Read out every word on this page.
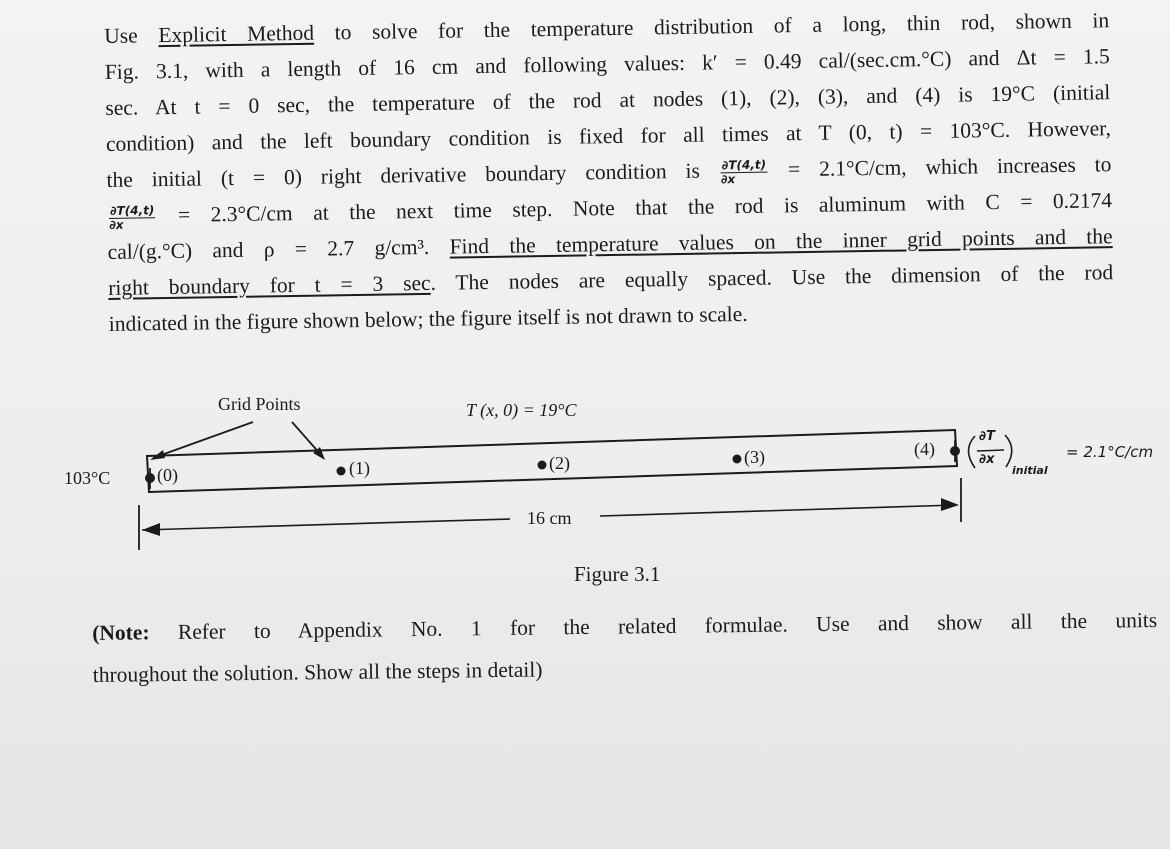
Use Explicit Method to solve for the temperature distribution of a long, thin rod, shown in
Fig. 3.1, with a length of 16 cm and following values: k′ = 0.49 cal/(sec.cm.°C) and Δt = 1.5
sec. At t = 0 sec, the temperature of the rod at nodes (1), (2), (3), and (4) is 19°C (initial
condition) and the left boundary condition is fixed for all times at T (0, t) = 103°C. However,
the initial (t = 0) right derivative boundary condition is $\frac{\partial T(4,t)}{\partial x} = 2.1^\circ C/cm$, which increases to
$\frac{\partial T(4,t)}{\partial x} = 2.3^\circ C/cm$ at the next time step. Note that the rod is aluminum with C = 0.2174
cal/(g.°C) and ρ = 2.7 g/cm³. Find the temperature values on the inner grid points and the
right boundary for t = 3 sec. The nodes are equally spaced. Use the dimension of the rod
indicated in the figure shown below; the figure itself is not drawn to scale.
Grid Points	T (x, 0) = 19°C
103°C	(0)	(1)	(2)	(3)	(4)
16 cm
∂T
∂x
initial
= 2.1°C/cm
Figure 3.1
(Note: Refer to Appendix No. 1 for the related formulae. Use and show all the units
throughout the solution. Show all the steps in detail)
